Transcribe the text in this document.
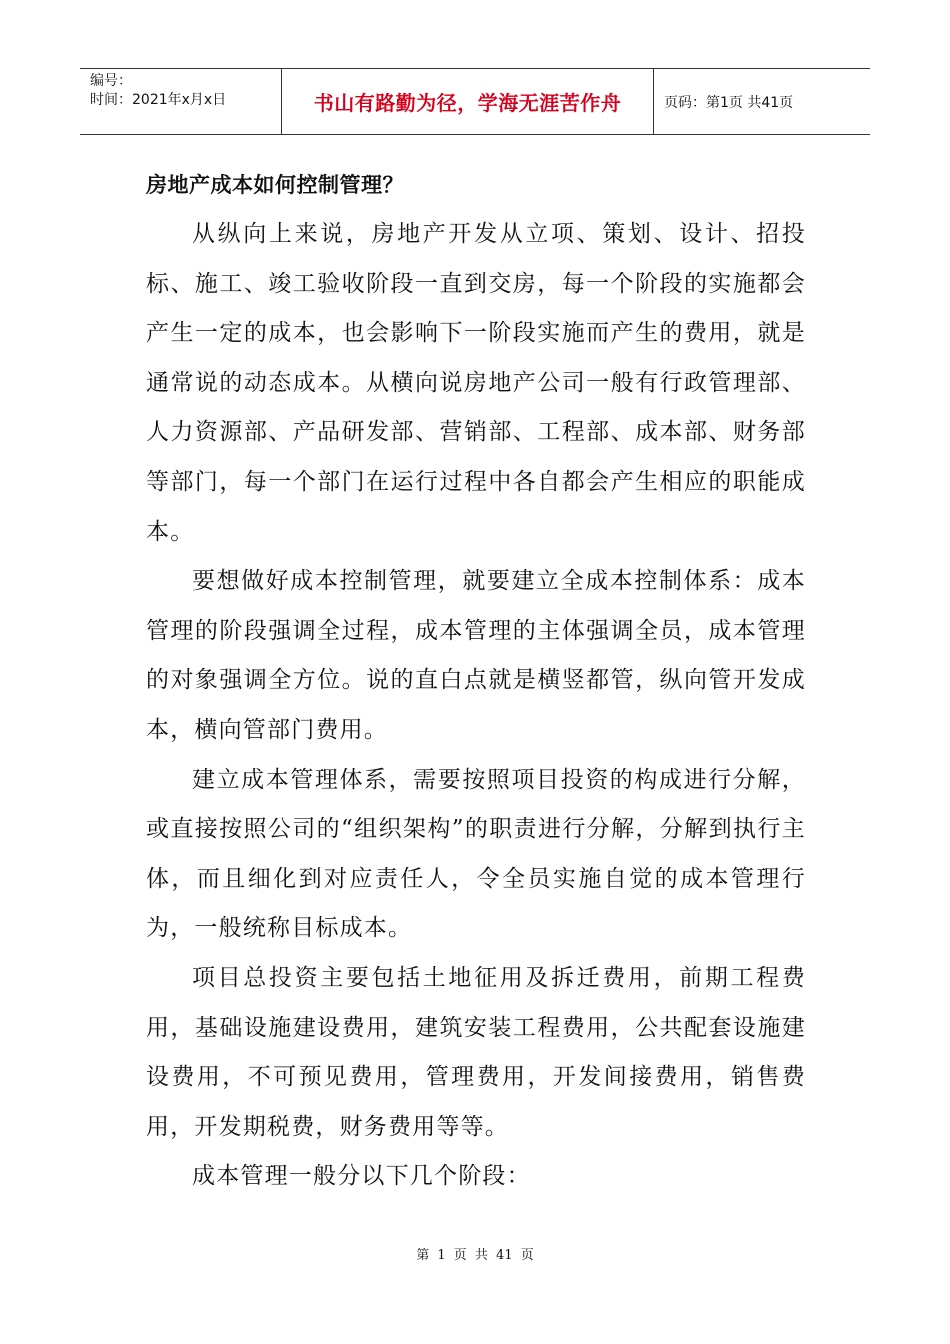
编号：
时间：2021年x月x日	书山有路勤为径，学海无涯苦作舟	页码：第1页 共41页
房地产成本如何控制管理？

从纵向上来说，房地产开发从立项、策划、设计、招投标、施工、竣工验收阶段一直到交房，每一个阶段的实施都会产生一定的成本，也会影响下一阶段实施而产生的费用，就是通常说的动态成本。从横向说房地产公司一般有行政管理部、人力资源部、产品研发部、营销部、工程部、成本部、财务部等部门，每一个部门在运行过程中各自都会产生相应的职能成本。

要想做好成本控制管理，就要建立全成本控制体系：成本管理的阶段强调全过程，成本管理的主体强调全员，成本管理的对象强调全方位。说的直白点就是横竖都管，纵向管开发成本，横向管部门费用。

建立成本管理体系，需要按照项目投资的构成进行分解，或直接按照公司的“组织架构”的职责进行分解，分解到执行主体，而且细化到对应责任人，令全员实施自觉的成本管理行为，一般统称目标成本。

项目总投资主要包括土地征用及拆迁费用，前期工程费用，基础设施建设费用，建筑安装工程费用，公共配套设施建设费用，不可预见费用，管理费用，开发间接费用，销售费用，开发期税费，财务费用等等。

成本管理一般分以下几个阶段：

第 1 页 共 41 页
